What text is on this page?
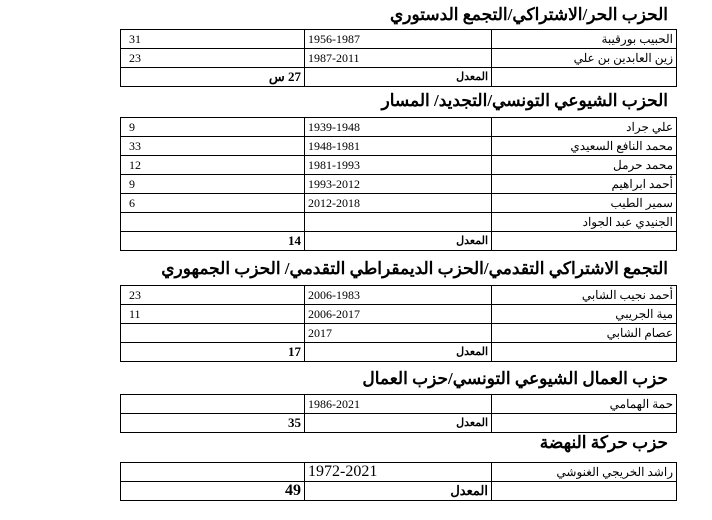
الحزب الحر/الاشتراكي/التجمع الدستوري
الحبيب بورقيبة	1956-1987	31
زين العابدين بن علي	1987-2011	23
	المعدل	27 س
الحزب الشيوعي التونسي/التجديد/ المسار
علي جراد	1939-1948	9
محمد النافع السعيدي	1948-1981	33
محمد حرمل	1981-1993	12
أحمد ابراهيم	1993-2012	9
سمير الطيب	2012-2018	6
الجنيدي عبد الجواد		
	المعدل	14
التجمع الاشتراكي التقدمي/الحزب الديمقراطي التقدمي/ الحزب الجمهوري
أحمد نجيب الشابي	2006-1983	23
مية الجريبي	2006-2017	11
عصام الشابي	2017	
	المعدل	17
حزب العمال الشيوعي التونسي/حزب العمال
حمة الهمامي	1986-2021	
	المعدل	35
حزب حركة النهضة
راشد الخريجي الغنوشي	1972-2021	
	المعدل	49
